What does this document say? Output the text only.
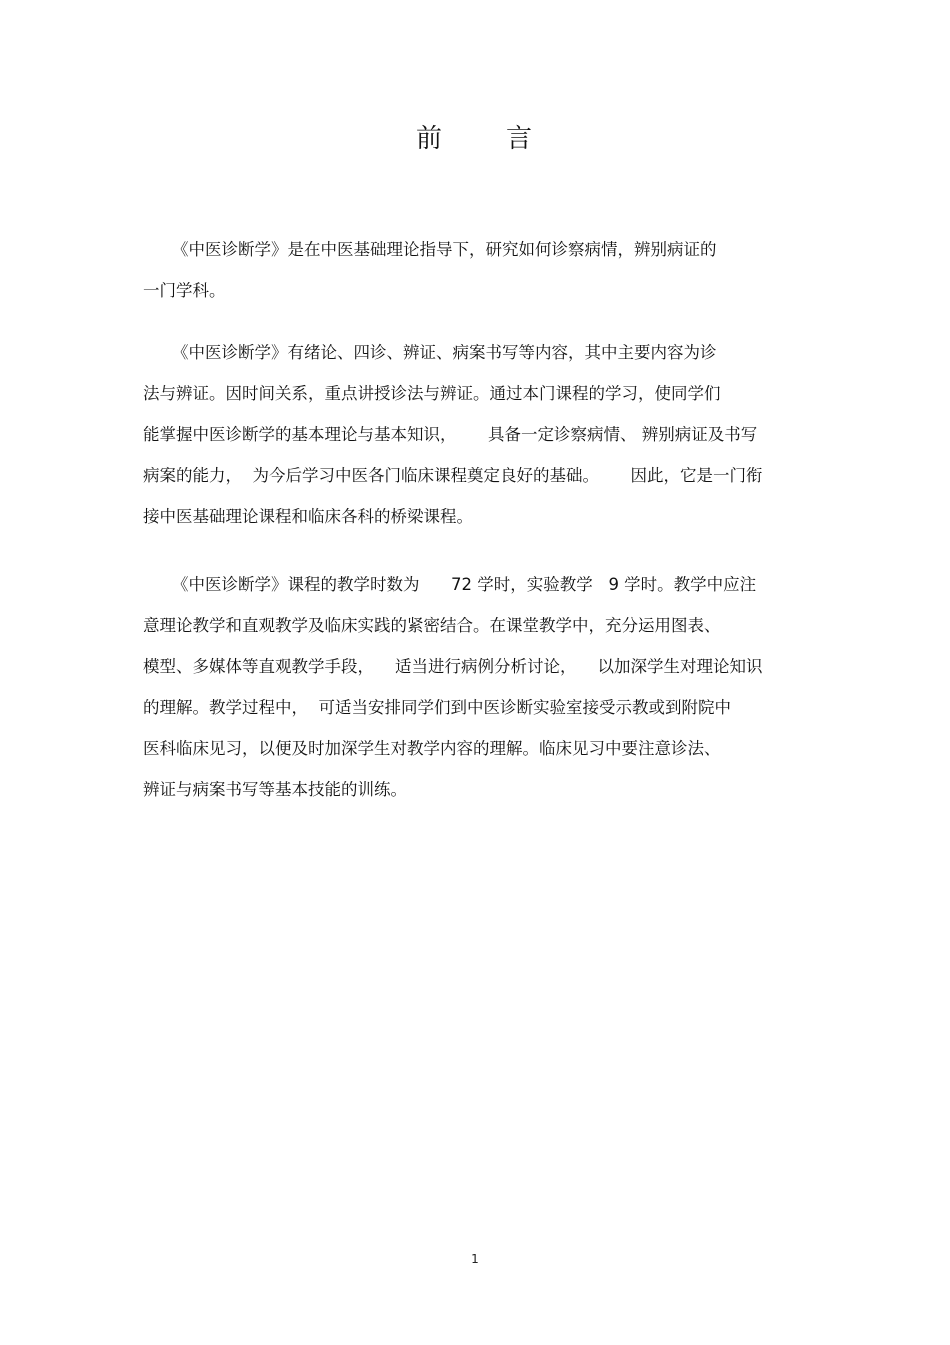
前 言
《中医诊断学》是在中医基础理论指导下，研究如何诊察病情，辨别病证的
一门学科。
《中医诊断学》有绪论、四诊、辨证、病案书写等内容，其中主要内容为诊
法与辨证。因时间关系，重点讲授诊法与辨证。通过本门课程的学习，使同学们
能掌握中医诊断学的基本理论与基本知识，      具备一定诊察病情、 辨别病证及书写
病案的能力，  为今后学习中医各门临床课程奠定良好的基础。      因此，它是一门衔
接中医基础理论课程和临床各科的桥梁课程。
《中医诊断学》课程的教学时数为      72 学时，实验教学   9 学时。教学中应注
意理论教学和直观教学及临床实践的紧密结合。在课堂教学中，充分运用图表、
模型、多媒体等直观教学手段，    适当进行病例分析讨论，    以加深学生对理论知识
的理解。教学过程中，  可适当安排同学们到中医诊断实验室接受示教或到附院中
医科临床见习，以便及时加深学生对教学内容的理解。临床见习中要注意诊法、
辨证与病案书写等基本技能的训练。
1
